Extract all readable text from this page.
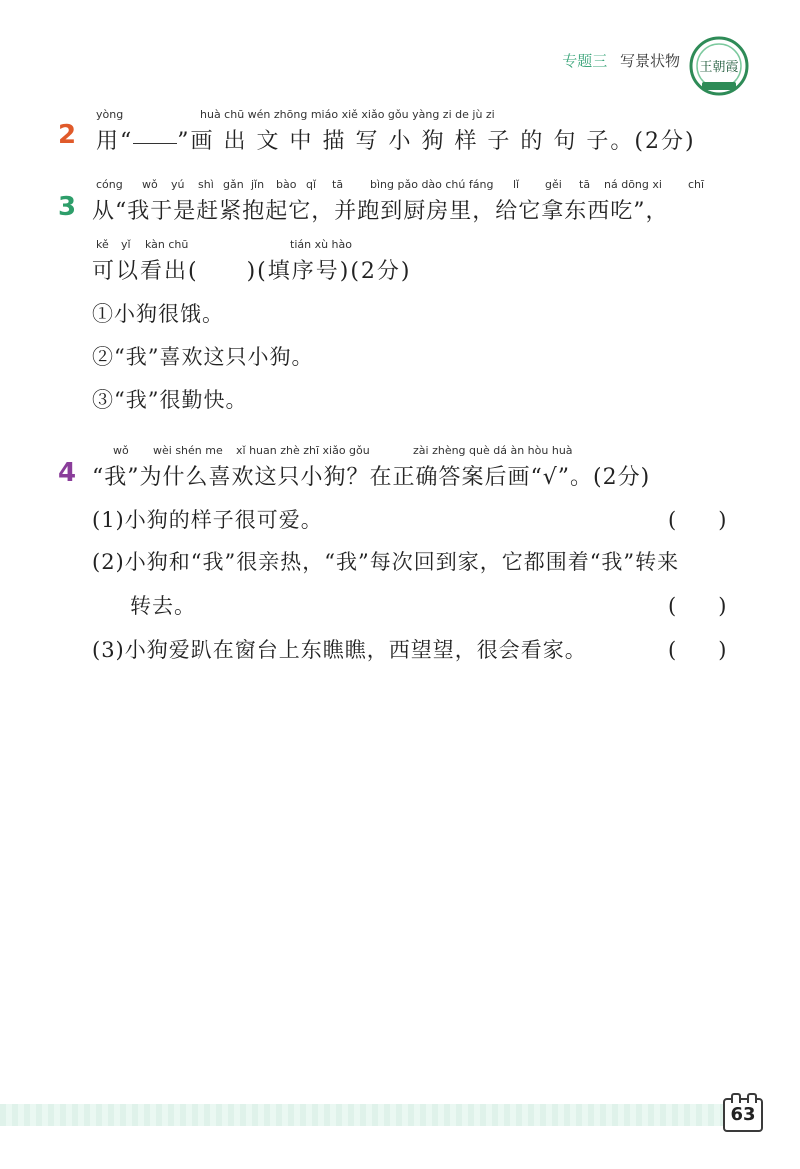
专题三 写景状物 王朝霞
2
yòng	huà chū wén zhōng miáo xiě xiǎo gǒu yàng zi de jù zi
用“ ”画 出 文 中 描 写 小 狗 样 子 的 句 子。(2分)
3
cóng wǒ yú shì gǎn jǐn bào qǐ tā bìng pǎo dào chú fáng lǐ gěi tā ná dōng xi chī
从“我于是赶紧抱起它，并跑到厨房里，给它拿东西吃”，
kě yǐ kàn chū	tián xù hào
可以看出(　　)(填序号)(2分)
①小狗很饿。
②“我”喜欢这只小狗。
③“我”很勤快。
4
wǒ wèi shén me xǐ huan zhè zhī xiǎo gǒu	zài zhèng què dá àn hòu huà
“我”为什么喜欢这只小狗？在正确答案后画“√”。(2分)
(1)小狗的样子很可爱。	(　　)
(2)小狗和“我”很亲热，“我”每次回到家，它都围着“我”转来
转去。	(　　)
(3)小狗爱趴在窗台上东瞧瞧，西望望，很会看家。	(　　)
63
